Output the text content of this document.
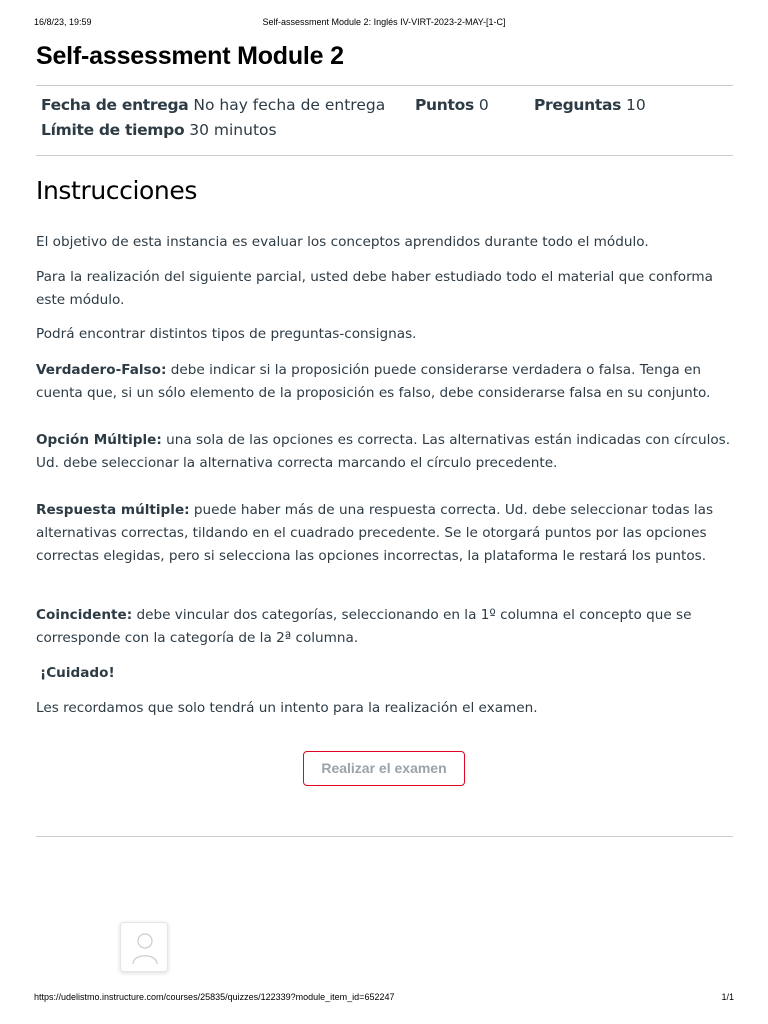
16/8/23, 19:59	Self-assessment Module 2: Inglés IV-VIRT-2023-2-MAY-[1-C]
Self-assessment Module 2
Fecha de entrega No hay fecha de entrega Puntos 0	Preguntas 10
Límite de tiempo 30 minutos
Instrucciones

El objetivo de esta instancia es evaluar los conceptos aprendidos durante todo el módulo.

Para la realización del siguiente parcial, usted debe haber estudiado todo el material que conforma este módulo.

Podrá encontrar distintos tipos de preguntas-consignas.

Verdadero-Falso: debe indicar si la proposición puede considerarse verdadera o falsa. Tenga en cuenta que, si un sólo elemento de la proposición es falso, debe considerarse falsa en su conjunto.

Opción Múltiple: una sola de las opciones es correcta. Las alternativas están indicadas con círculos. Ud. debe seleccionar la alternativa correcta marcando el círculo precedente.

Respuesta múltiple: puede haber más de una respuesta correcta. Ud. debe seleccionar todas las alternativas correctas, tildando en el cuadrado precedente. Se le otorgará puntos por las opciones correctas elegidas, pero si selecciona las opciones incorrectas, la plataforma le restará los puntos.

Coincidente: debe vincular dos categorías, seleccionando en la 1º columna el concepto que se corresponde con la categoría de la 2ª columna.

¡Cuidado!

Les recordamos que solo tendrá un intento para la realización el examen.

Realizar el examen
https://udelistmo.instructure.com/courses/25835/quizzes/122339?module_item_id=652247	1/1
